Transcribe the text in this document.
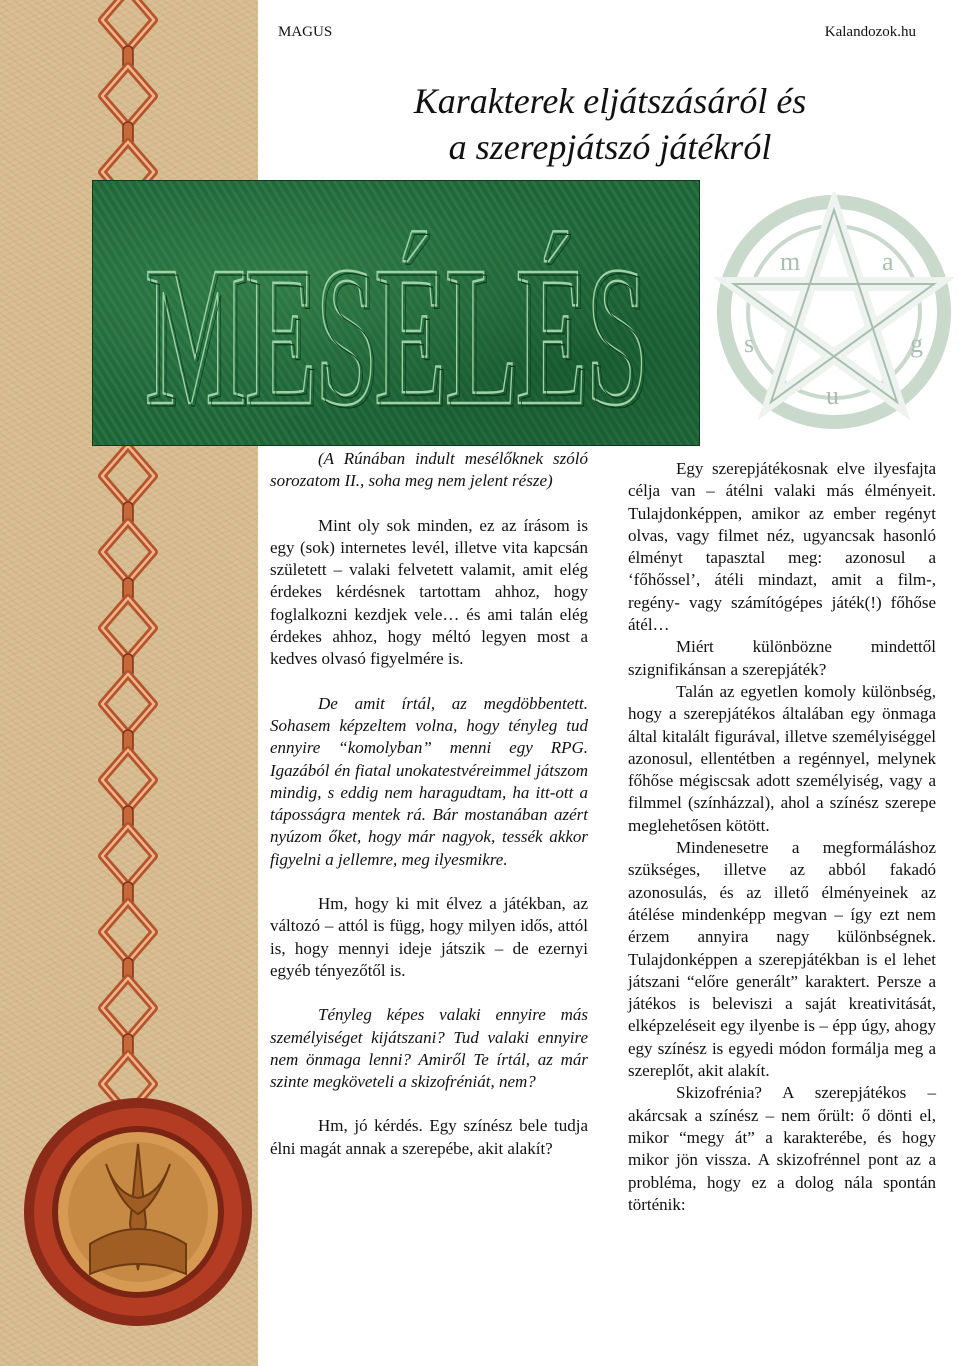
MAGUS	Kalandozok.hu
Karakterek eljátszásáról és
a szerepjátszó játékról
MESÉLÉS
MESÉLÉS	m	a
g
u
s

(A Rúnában indult mesélőknek szóló sorozatom II., soha meg nem jelent része)

Mint oly sok minden, ez az írásom is egy (sok) internetes levél, illetve vita kapcsán született – valaki felvetett valamit, amit elég érdekes kérdésnek tartottam ahhoz, hogy foglalkozni kezdjek vele… és ami talán elég érdekes ahhoz, hogy méltó legyen most a kedves olvasó figyelmére is.

De amit írtál, az megdöbbentett. Sohasem képzeltem volna, hogy tényleg tud ennyire “komolyban” menni egy RPG. Igazából én fiatal unokatestvéreimmel játszom mindig, s eddig nem haragudtam, ha itt-ott a táposságra mentek rá. Bár mostanában azért nyúzom őket, hogy már nagyok, tessék akkor figyelni a jellemre, meg ilyesmikre.

Hm, hogy ki mit élvez a játékban, az változó – attól is függ, hogy milyen idős, attól is, hogy mennyi ideje játszik – de ezernyi egyéb tényezőtől is.

Tényleg képes valaki ennyire más személyiséget kijátszani? Tud valaki ennyire nem önmaga lenni? Amiről Te írtál, az már szinte megköveteli a skizofréniát, nem?

Hm, jó kérdés. Egy színész bele tudja élni magát annak a szerepébe, akit alakít?

Egy szerepjátékosnak elve ilyesfajta célja van – átélni valaki más élményeit. Tulajdonképpen, amikor az ember regényt olvas, vagy filmet néz, ugyancsak hasonló élményt tapasztal meg: azonosul a ‘főhőssel’, átéli mindazt, amit a film-, regény- vagy számítógépes játék(!) főhőse átél…

Miért különbözne mindettől szignifikánsan a szerepjáték?

Talán az egyetlen komoly különbség, hogy a szerepjátékos általában egy önmaga által kitalált figurával, illetve személyiséggel azonosul, ellentétben a regénnyel, melynek főhőse mégiscsak adott személyiség, vagy a filmmel (színházzal), ahol a színész szerepe meglehetősen kötött.

Mindenesetre a megformáláshoz szükséges, illetve az abból fakadó azonosulás, és az illető élményeinek az átélése mindenképp megvan – így ezt nem érzem annyira nagy különbségnek. Tulajdonképpen a szerepjátékban is el lehet játszani “előre generált” karaktert. Persze a játékos is beleviszi a saját kreativitását, elképzeléseit egy ilyenbe is – épp úgy, ahogy egy színész is egyedi módon formálja meg a szereplőt, akit alakít.

Skizofrénia? A szerepjátékos – akárcsak a színész – nem őrült: ő dönti el, mikor “megy át” a karakterébe, és hogy mikor jön vissza. A skizofrénnel pont az a probléma, hogy ez a dolog nála spontán történik:
